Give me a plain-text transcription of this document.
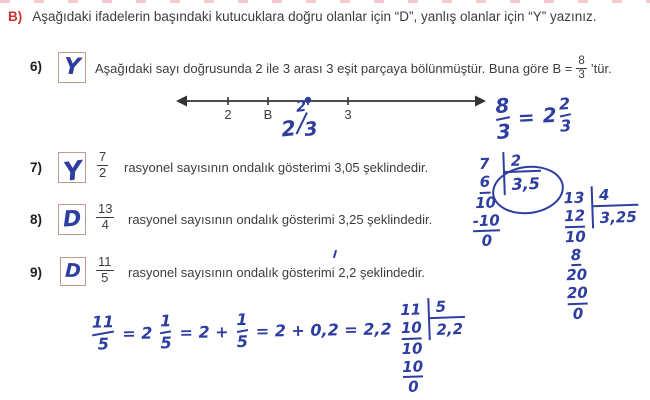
B) Aşağıdaki ifadelerin başındaki kutucuklara doğru olanlar için “D”, yanlış olanlar için “Y” yazınız.
6) Y Aşağıdaki sayı doğrusunda 2 ile 3 arası 3 eşit parçaya bölünmüştür. Buna göre $B = \frac{8}{3}$ ’tür.
2 B	3
2
2
3
8
3
= 2 2
3
7) Y 7
2 rasyonel sayısının ondalık gösterimi 3,05 şeklindedir.
8) D 13
4 rasyonel sayısının ondalık gösterimi 3,25 şeklindedir.
9) D 11
5 rasyonel sayısının ondalık gösterimi 2,2 şeklindedir.
7
6
10
-10
0
2
3,5
13
12
10
8
20
20
0
4
3,25
11
10
10
10
0
5
2,2
11
5
= 2
1
5
= 2 +
1
5
= 2 + 0,2 = 2,2
